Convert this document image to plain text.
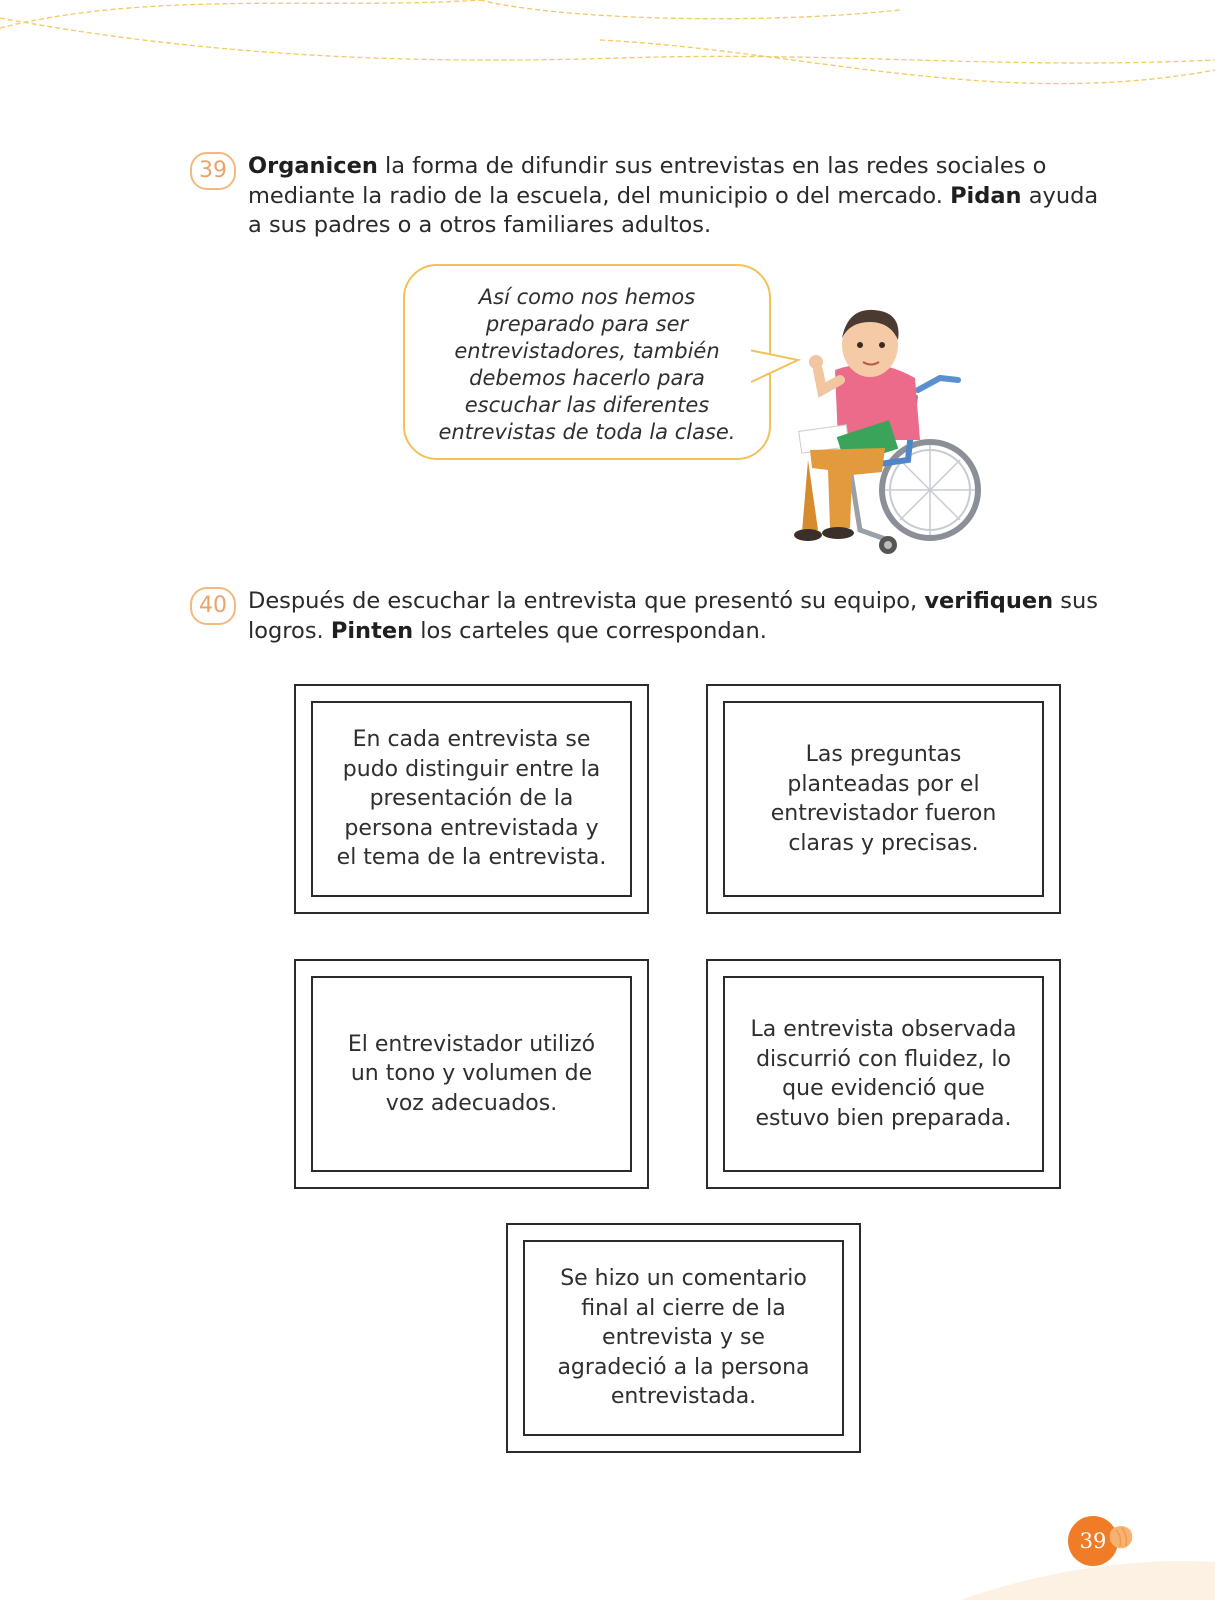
39 Organicen la forma de difundir sus entrevistas en las redes sociales o mediante la radio de la escuela, del municipio o del mercado. Pidan ayuda a sus padres o a otros familiares adultos.

Así como nos hemos preparado para ser entrevistadores, también debemos hacerlo para escuchar las diferentes entrevistas de toda la clase.
40 Después de escuchar la entrevista que presentó su equipo, verifiquen sus logros. Pinten los carteles que correspondan.

En cada entrevista se pudo distinguir entre la presentación de la persona entrevistada y el tema de la entrevista.
Las preguntas planteadas por el entrevistador fueron claras y precisas.
El entrevistador utilizó un tono y volumen de voz adecuados.
La entrevista observada discurrió con fluidez, lo que evidenció que estuvo bien preparada.
Se hizo un comentario final al cierre de la entrevista y se agradeció a la persona entrevistada.
39
